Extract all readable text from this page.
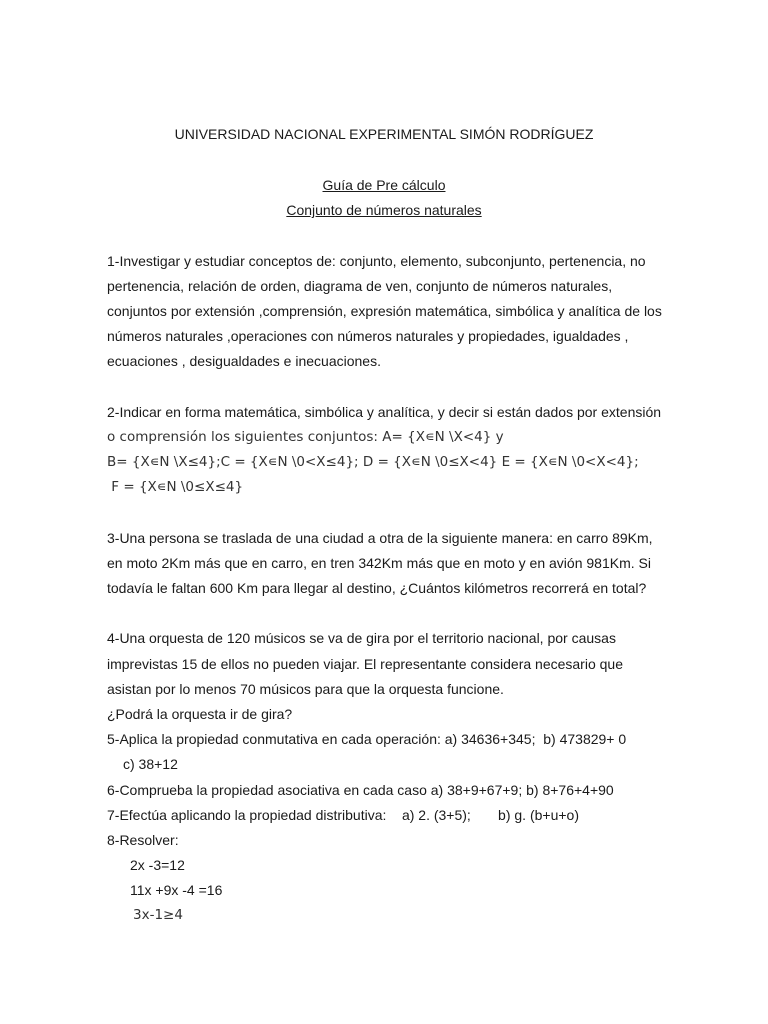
UNIVERSIDAD NACIONAL EXPERIMENTAL SIMÓN RODRÍGUEZ
Guía de Pre cálculo
Conjunto de números naturales
1-Investigar y estudiar conceptos de: conjunto, elemento, subconjunto, pertenencia, no
pertenencia, relación de orden, diagrama de ven, conjunto de números naturales,
conjuntos por extensión ,comprensión, expresión matemática, simbólica y analítica de los
números naturales ,operaciones con números naturales y propiedades, igualdades ,
ecuaciones , desigualdades e inecuaciones.
2-Indicar en forma matemática, simbólica y analítica, y decir si están dados por extensión
o comprensión los siguientes conjuntos: A= {X∊N \X<4} y
B= {X∊N \X≤4};C = {X∊N \0<X≤4}; D = {X∊N \0≤X<4} E = {X∊N \0<X<4};
F = {X∊N \0≤X≤4}
3-Una persona se traslada de una ciudad a otra de la siguiente manera: en carro 89Km,
en moto 2Km más que en carro, en tren 342Km más que en moto y en avión 981Km. Si
todavía le faltan 600 Km para llegar al destino, ¿Cuántos kilómetros recorrerá en total?
4-Una orquesta de 120 músicos se va de gira por el territorio nacional, por causas
imprevistas 15 de ellos no pueden viajar. El representante considera necesario que
asistan por lo menos 70 músicos para que la orquesta funcione.
¿Podrá la orquesta ir de gira?
5-Aplica la propiedad conmutativa en cada operación: a) 34636+345;  b) 473829+ 0
c) 38+12
6-Comprueba la propiedad asociativa en cada caso a) 38+9+67+9; b) 8+76+4+90
7-Efectúa aplicando la propiedad distributiva:    a) 2. (3+5);       b) g. (b+u+o)
8-Resolver:
2x -3=12
11x +9x -4 =16
3x-1≥4
